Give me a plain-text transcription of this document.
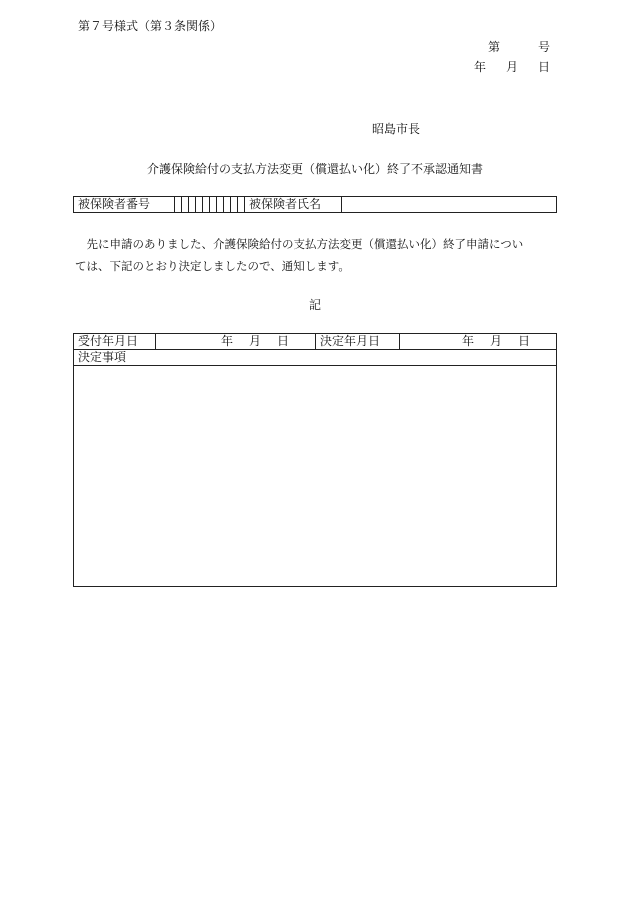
第７号様式（第３条関係）
第	号
年 月 日
昭島市長
介護保険給付の支払方法変更（償還払い化）終了不承認通知書
被保険者番号											被保険者氏名	
先に申請のありました、介護保険給付の支払方法変更（償還払い化）終了申請につい
ては、下記のとおり決定しましたので、通知します。
記
受付年月日	年 月 日	決定年月日	年 月 日
決定事項
